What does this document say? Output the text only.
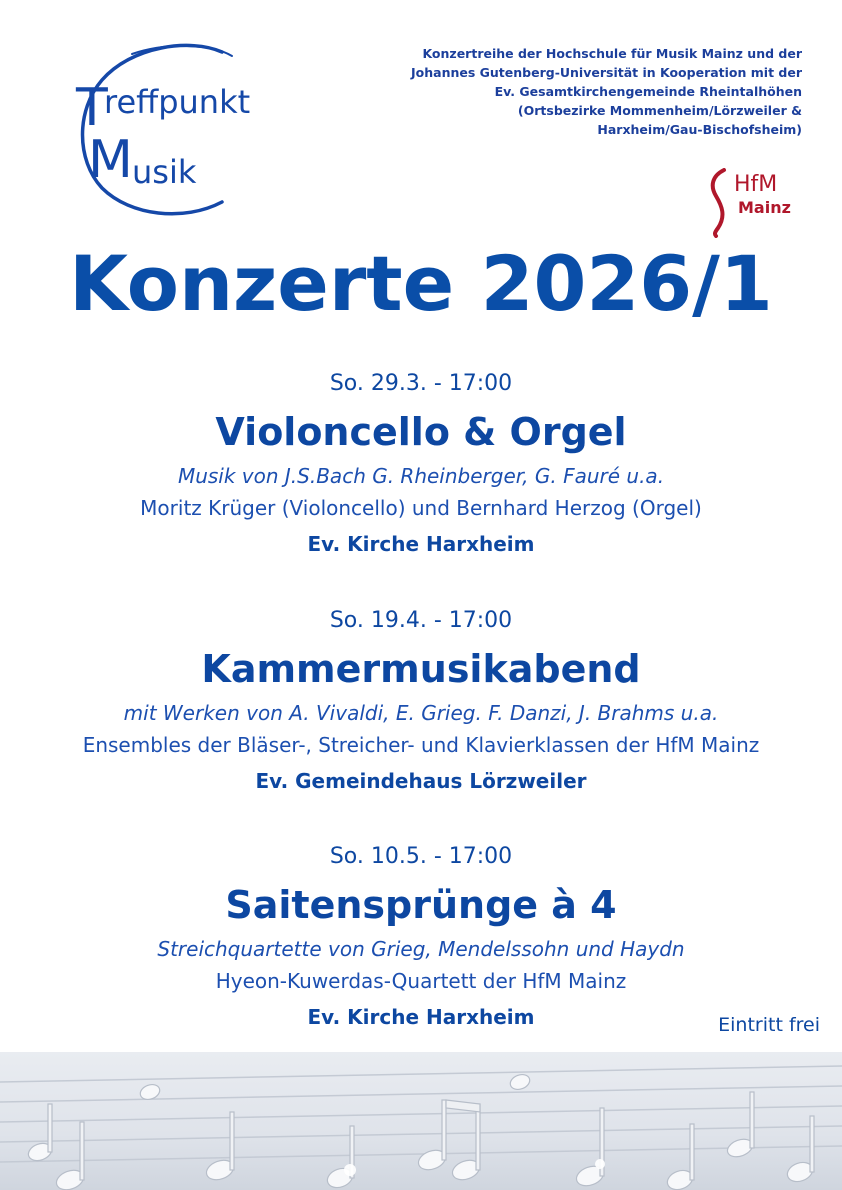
T
reffpunkt
M usik
Konzertreihe der Hochschule für Musik Mainz und der
Johannes Gutenberg-Universität in Kooperation mit der
Ev. Gesamtkirchengemeinde Rheintalhöhen
(Ortsbezirke Mommenheim/Lörzweiler &
Harxheim/Gau-Bischofsheim)
HfM
Mainz
Konzerte 2026/1
So. 29.3. - 17:00
Violoncello & Orgel
Musik von J.S.Bach G. Rheinberger, G. Fauré u.a.
Moritz Krüger (Violoncello) und Bernhard Herzog (Orgel)
Ev. Kirche Harxheim
So. 19.4. - 17:00
Kammermusikabend
mit Werken von A. Vivaldi, E. Grieg. F. Danzi, J. Brahms u.a.
Ensembles der Bläser-, Streicher- und Klavierklassen der HfM Mainz
Ev. Gemeindehaus Lörzweiler
So. 10.5. - 17:00
Saitensprünge à 4
Streichquartette von Grieg, Mendelssohn und Haydn
Hyeon-Kuwerdas-Quartett der HfM Mainz
Ev. Kirche Harxheim	Eintritt frei
